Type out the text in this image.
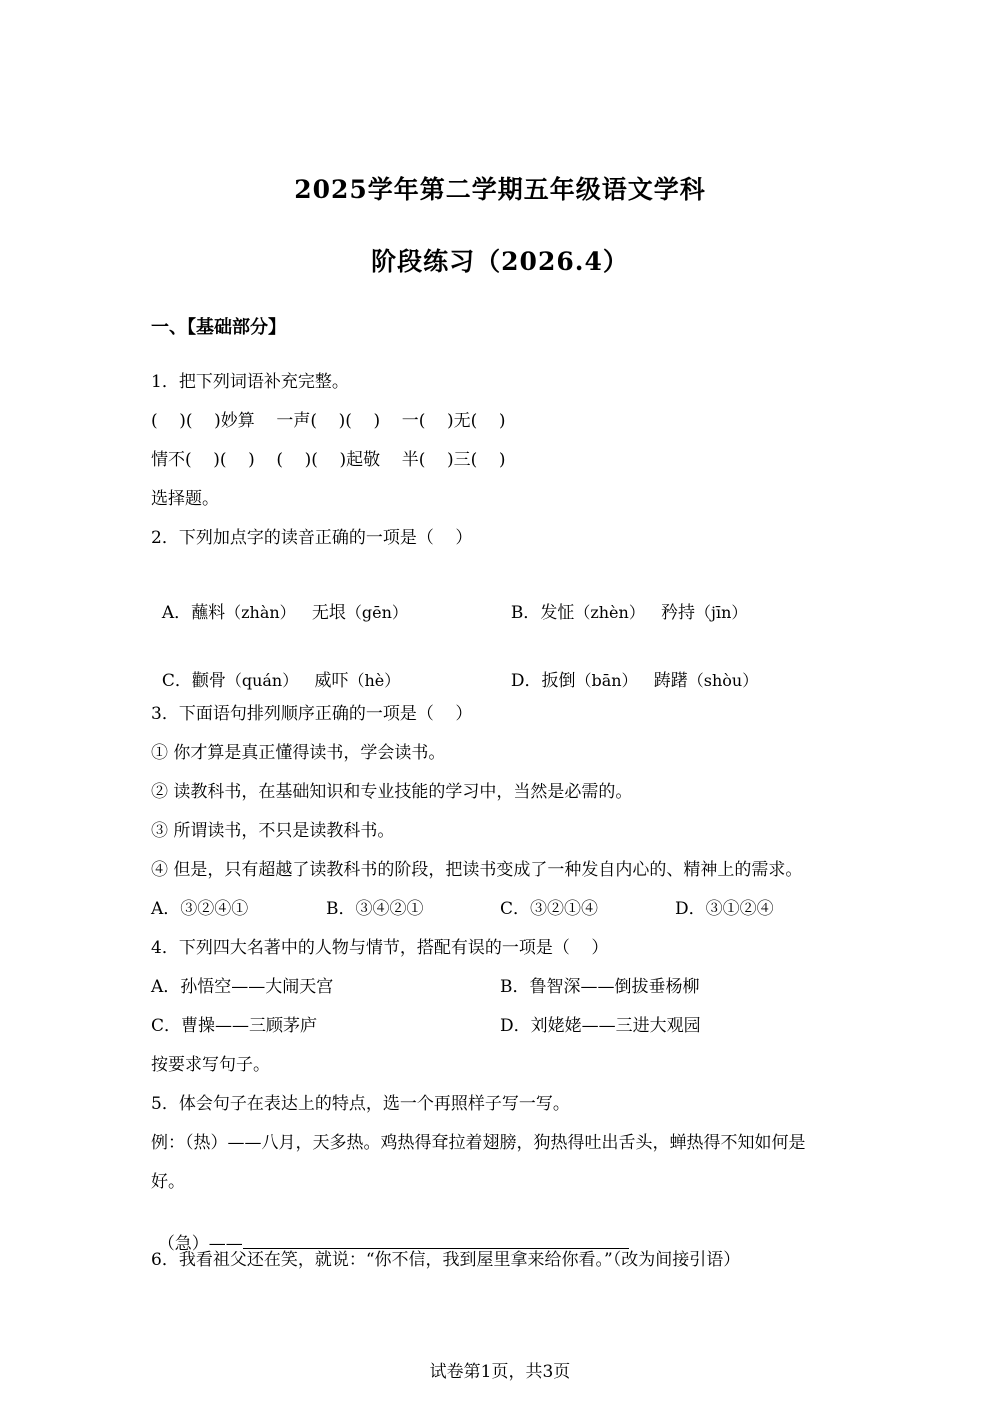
2025学年第二学期五年级语文学科
阶段练习（2026.4）
一、【基础部分】
1．把下列词语补充完整。
(    )(    )妙算    一声(    )(    )    一(    )无(    )
情不(    )(    )    (    )(    )起敬    半(    )三(    )
选择题。
2．下列加点字的读音正确的一项是（    ）

A．蘸料（zhàn） 无垠（gēn）	B．发怔（zhèn） 矜持（jīn）

C．颧骨（quán） 威吓（hè）	D．扳倒（bān） 踌躇（shòu）

3．下面语句排列顺序正确的一项是（    ）
① 你才算是真正懂得读书，学会读书。
② 读教科书，在基础知识和专业技能的学习中，当然是必需的。
③ 所谓读书，不只是读教科书。
④ 但是，只有超越了读教科书的阶段，把读书变成了一种发自内心的、精神上的需求。
A．③②④①	B．③④②①	C．③②①④	D．③①②④
4．下列四大名著中的人物与情节，搭配有误的一项是（    ）
A．孙悟空——大闹天宫	B．鲁智深——倒拔垂杨柳
C．曹操——三顾茅庐	D．刘姥姥——三进大观园
按要求写句子。
5．体会句子在表达上的特点，选一个再照样子写一写。
例：（热）——八月，天多热。鸡热得耷拉着翅膀，狗热得吐出舌头，蝉热得不知如何是
好。

（急）——

6．我看祖父还在笑，就说：“你不信，我到屋里拿来给你看。”（改为间接引语）
试卷第1页，共3页
